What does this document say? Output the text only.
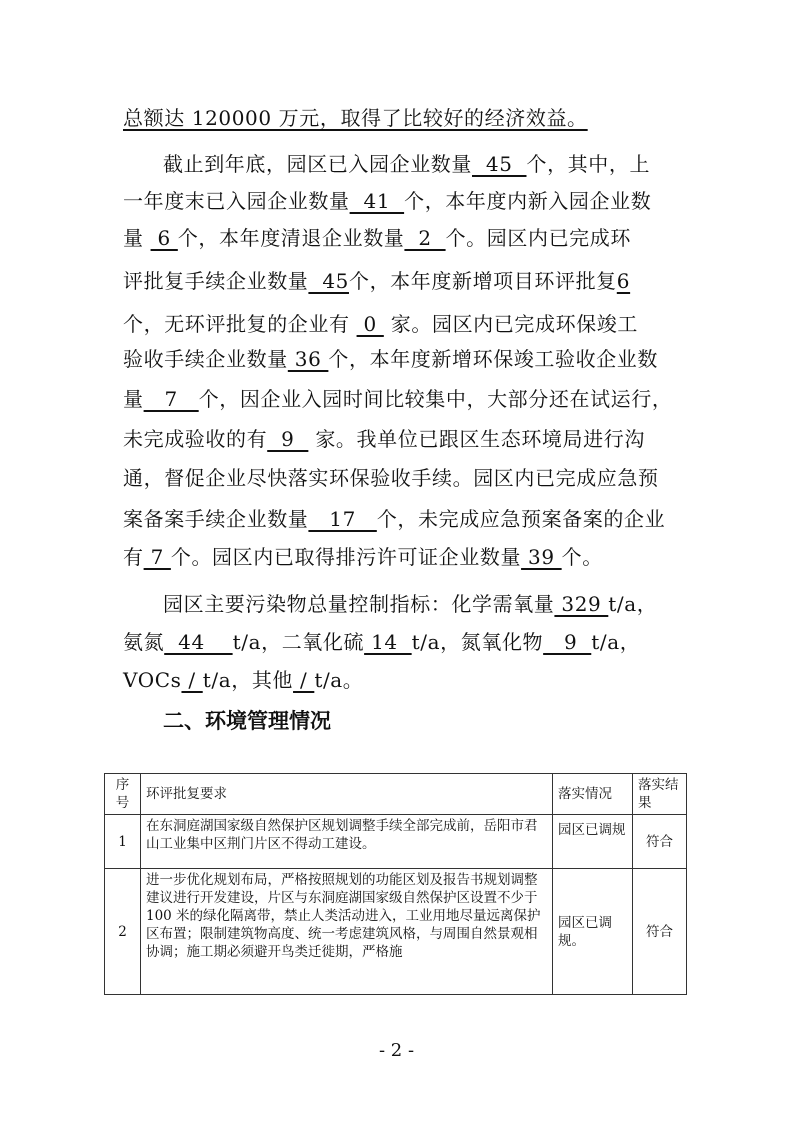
总额达 120000 万元，取得了比较好的经济效益。
截止到年底，园区已入园企业数量  45  个，其中，上
一年度末已入园企业数量  41  个，本年度内新入园企业数
量  6 个，本年度清退企业数量  2  个。园区内已完成环
评批复手续企业数量  45个，本年度新增项目环评批复6
个，无环评批复的企业有  0  家。园区内已完成环保竣工
验收手续企业数量 36 个，本年度新增环保竣工验收企业数
量   7   个，因企业入园时间比较集中，大部分还在试运行，
未完成验收的有  9   家。我单位已跟区生态环境局进行沟
通，督促企业尽快落实环保验收手续。园区内已完成应急预
案备案手续企业数量   17   个，未完成应急预案备案的企业
有 7 个。园区内已取得排污许可证企业数量 39 个。
园区主要污染物总量控制指标：化学需氧量 329 t/a，
氨氮  44    t/a，二氧化硫 14  t/a，氮氧化物   9  t/a，
VOCs / t/a，其他 / t/a。
二、环境管理情况
序号	环评批复要求	落实情况	落实结果
1	在东洞庭湖国家级自然保护区规划调整手续全部完成前，岳阳市君山工业集中区荆门片区不得动工建设。	园区已调规	符合
2	进一步优化规划布局，严格按照规划的功能区划及报告书规划调整建议进行开发建设，片区与东洞庭湖国家级自然保护区设置不少于 100 米的绿化隔离带，禁止人类活动进入，工业用地尽量远离保护区布置；限制建筑物高度、统一考虑建筑风格，与周围自然景观相协调；施工期必须避开鸟类迁徙期，严格施	园区已调规。	符合
- 2 -
